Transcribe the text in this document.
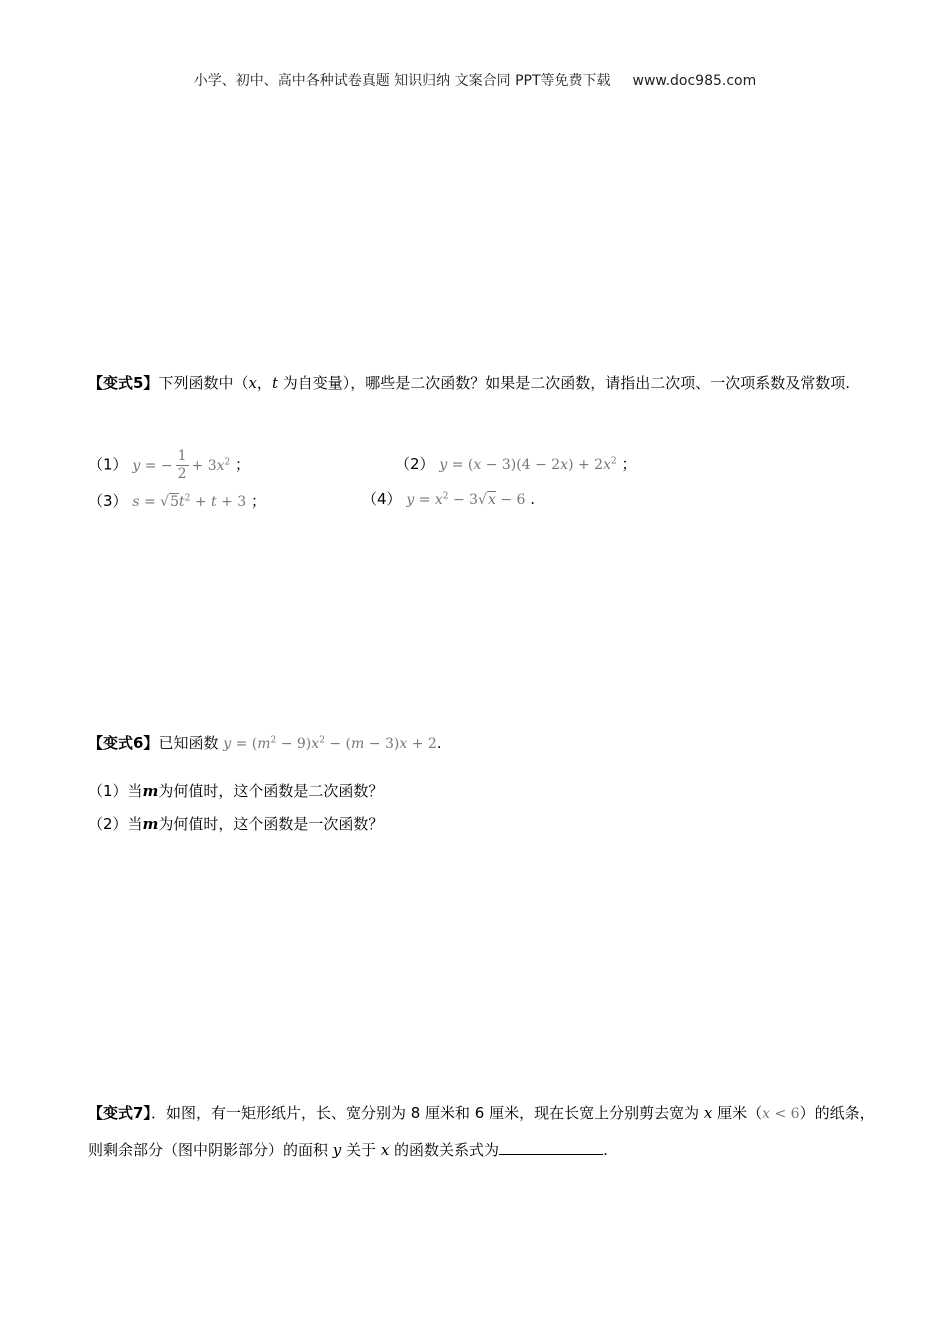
小学、初中、高中各种试卷真题 知识归纳 文案合同 PPT等免费下载 www.doc985.com
【变式5】下列函数中（x，t 为自变量），哪些是二次函数？如果是二次函数，请指出二次项、一次项系数及常数项.
（1） y = − $\frac{1}{2} + 3x^2$ ；	（2） $y = (x - 3)(4 - 2x) + 2x^2$ ；
（3） $s = √5t^2 + t + 3$ ；	（4） $y = x^2 - 3√x - 6$ .
【变式6】已知函数 $y = (m^2 - 9)x^2 - (m - 3)x + 2$.
（1）当m为何值时，这个函数是二次函数？
（2）当m为何值时，这个函数是一次函数？
【变式7】．如图，有一矩形纸片，长、宽分别为 8 厘米和 6 厘米，现在长宽上分别剪去宽为 x 厘米（x < 6）的纸条，则剩余部分（图中阴影部分）的面积 y 关于 x 的函数关系式为	.
